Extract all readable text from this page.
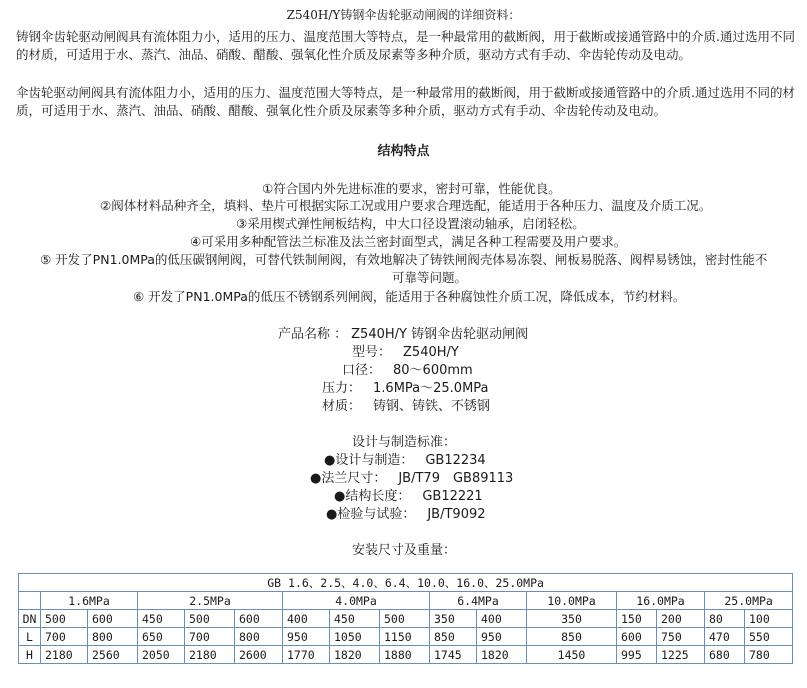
Z540H/Y铸钢伞齿轮驱动闸阀的详细资料：
铸钢伞齿轮驱动闸阀具有流体阻力小，适用的压力、温度范围大等特点，是一种最常用的截断阀，用于截断或接通管路中的介质.通过选用不同的材质，可适用于水、蒸汽、油品、硝酸、醋酸、强氧化性介质及尿素等多种介质，驱动方式有手动、伞齿轮传动及电动。
伞齿轮驱动闸阀具有流体阻力小，适用的压力、温度范围大等特点，是一种最常用的截断阀，用于截断或接通管路中的介质.通过选用不同的材质，可适用于水、蒸汽、油品、硝酸、醋酸、强氧化性介质及尿素等多种介质，驱动方式有手动、伞齿轮传动及电动。
结构特点
①符合国内外先进标准的要求，密封可靠，性能优良。
②阀体材料品种齐全，填料、垫片可根据实际工况或用户要求合理选配，能适用于各种压力、温度及介质工况。
③采用楔式弹性闸板结构，中大口径设置滚动轴承，启闭轻松。
④可采用多种配管法兰标准及法兰密封面型式，满足各种工程需要及用户要求。
⑤ 开发了PN1.0MPa的低压碳钢闸阀，可替代铁制闸阀，有效地解决了铸铁闸阀壳体易冻裂、闸板易脱落、阀桿易锈蚀，密封性能不
可靠等问题。
⑥ 开发了PN1.0MPa的低压不锈钢系列闸阀，能适用于各种腐蚀性介质工况，降低成本，节约材料。
产品名称 ： Z540H/Y 铸钢伞齿轮驱动闸阀
型号： Z540H/Y
口径： 80～600mm
压力： 1.6MPa～25.0MPa
材质： 铸钢、铸铁、不锈钢
设计与制造标准：
●设计与制造： GB12234
●法兰尺寸： JB/T79　GB89113
●结构长度： GB12221
●检验与试验： JB/T9092
安装尺寸及重量：
GB 1.6、2.5、4.0、6.4、10.0、16.0、25.0MPa															
	1.6MPa		2.5MPa			4.0MPa			6.4MPa		10.0MPa	16.0MPa		25.0MPa	
DN	500	600	450	500	600	400	450	500	350	400	350	150	200	80	100
L	700	800	650	700	800	950	1050	1150	850	950	850	600	750	470	550
H	2180	2560	2050	2180	2600	1770	1820	1880	1745	1820	1450	995	1225	680	780
